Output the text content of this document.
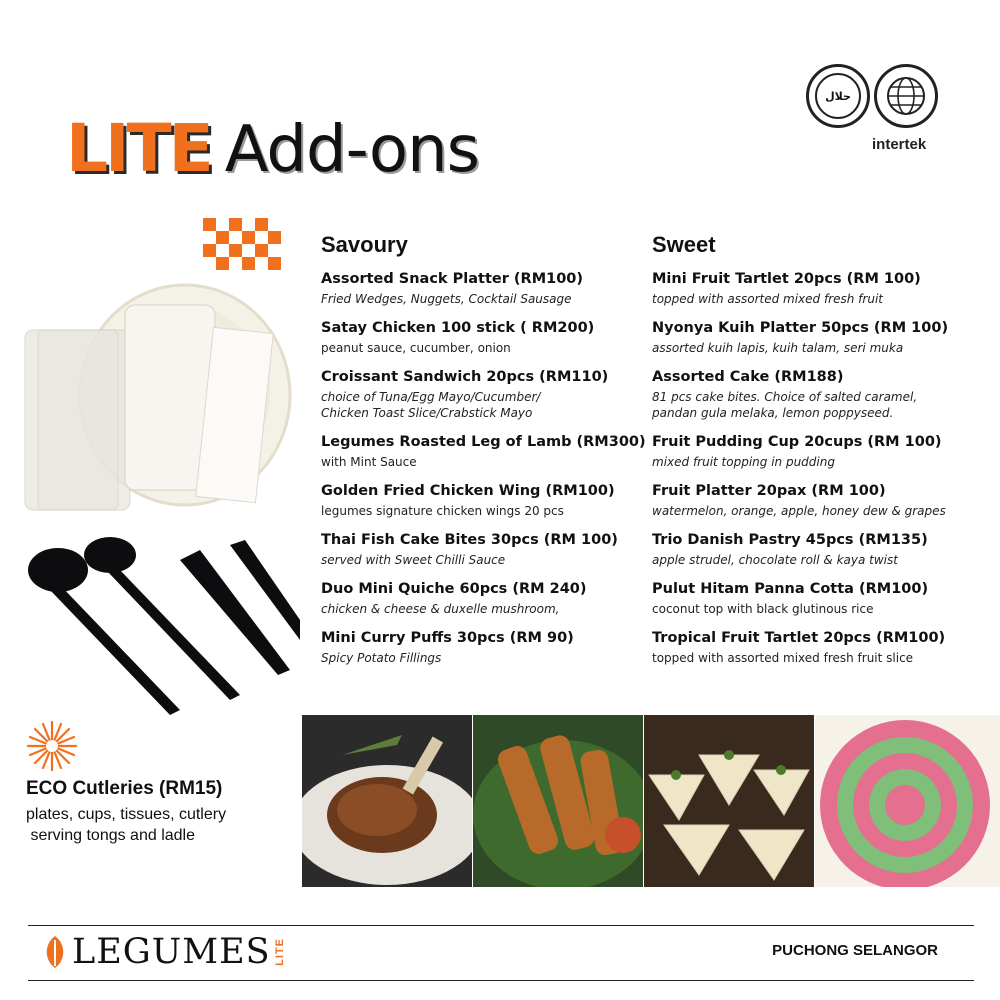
LITE Add-ons
حلال
intertek
Savoury
Assorted Snack Platter (RM100)
Fried Wedges, Nuggets, Cocktail Sausage
Satay Chicken 100 stick ( RM200)
peanut sauce, cucumber, onion
Croissant Sandwich 20pcs (RM110)
choice of Tuna/Egg Mayo/Cucumber/
Chicken Toast Slice/Crabstick Mayo
Legumes Roasted Leg of Lamb (RM300)
with Mint Sauce
Golden Fried Chicken Wing (RM100)
legumes signature chicken wings 20 pcs
Thai Fish Cake Bites 30pcs (RM 100)
served with Sweet Chilli Sauce
Duo Mini Quiche 60pcs (RM 240)
chicken & cheese & duxelle mushroom,
Mini Curry Puffs 30pcs (RM 90)
Spicy Potato Fillings
Sweet
Mini Fruit Tartlet 20pcs (RM 100)
topped with assorted mixed fresh fruit
Nyonya Kuih Platter 50pcs (RM 100)
assorted kuih lapis, kuih talam, seri muka
Assorted Cake (RM188)
81 pcs cake bites. Choice of salted caramel,
pandan gula melaka, lemon poppyseed.
Fruit Pudding Cup 20cups (RM 100)
mixed fruit topping in pudding
Fruit Platter 20pax (RM 100)
watermelon, orange, apple, honey dew & grapes
Trio Danish Pastry 45pcs (RM135)
apple strudel, chocolate roll & kaya twist
Pulut Hitam Panna Cotta (RM100)
coconut top with black glutinous rice
Tropical Fruit Tartlet 20pcs (RM100)
topped with assorted mixed fresh fruit slice
ECO Cutleries (RM15)
plates, cups, tissues, cutlery
serving tongs and ladle
LEGUMES LITE	PUCHONG SELANGOR
